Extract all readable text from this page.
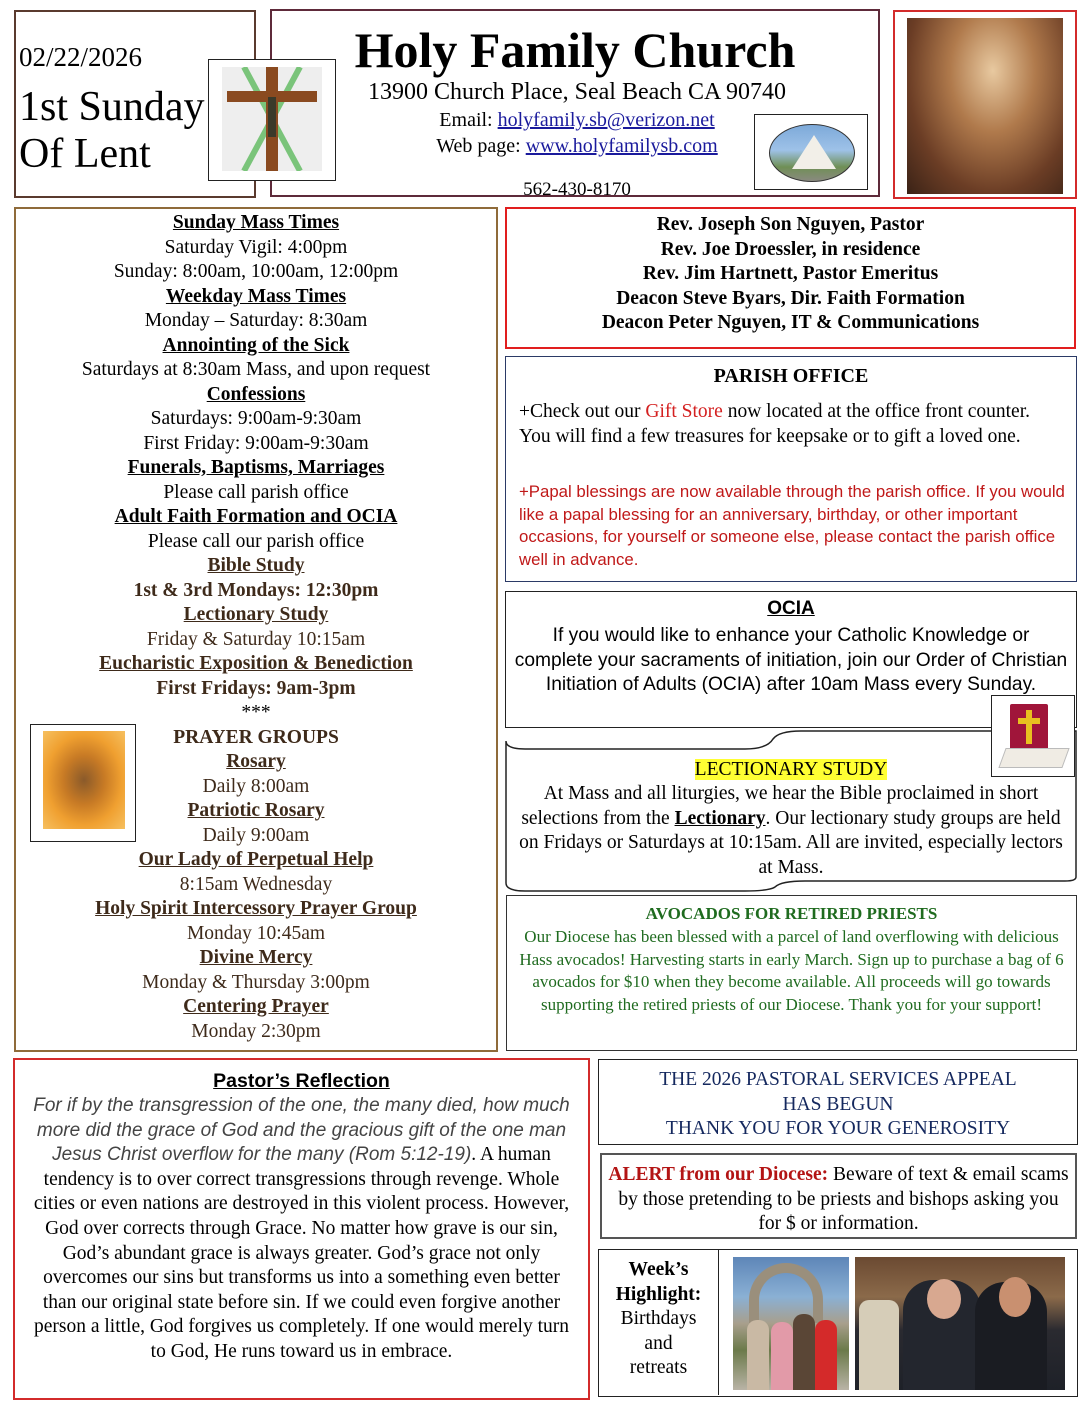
02/22/2026
1st Sunday
Of Lent
Holy Family Church
13900 Church Place, Seal Beach CA 90740
Email: holyfamily.sb@verizon.net
Web page: www.holyfamilysb.com
562-430-8170
Sunday Mass Times
Saturday Vigil: 4:00pm
Sunday: 8:00am, 10:00am, 12:00pm
Weekday Mass Times
Monday – Saturday: 8:30am
Annointing of the Sick
Saturdays at 8:30am Mass, and upon request
Confessions
Saturdays: 9:00am-9:30am
First Friday: 9:00am-9:30am
Funerals, Baptisms, Marriages
Please call parish office
Adult Faith Formation and OCIA
Please call our parish office
Bible Study
1st & 3rd Mondays: 12:30pm
Lectionary Study
Friday & Saturday 10:15am
Eucharistic Exposition & Benediction
First Fridays: 9am-3pm
***
PRAYER GROUPS
Rosary
Daily 8:00am
Patriotic Rosary
Daily 9:00am
Our Lady of Perpetual Help
8:15am Wednesday
Holy Spirit Intercessory Prayer Group
Monday 10:45am
Divine Mercy
Monday & Thursday 3:00pm
Centering Prayer
Monday 2:30pm
Rev. Joseph Son Nguyen, Pastor
Rev. Joe Droessler, in residence
Rev. Jim Hartnett, Pastor Emeritus
Deacon Steve Byars, Dir. Faith Formation
Deacon Peter Nguyen, IT & Communications
PARISH OFFICE
+Check out our Gift Store now located at the office front counter. You will find a few treasures for keepsake or to gift a loved one.
+Papal blessings are now available through the parish office. If you would like a papal blessing for an anniversary, birthday, or other important occasions, for yourself or someone else, please contact the parish office well in advance.
OCIA
If you would like to enhance your Catholic Knowledge or complete your sacraments of initiation, join our Order of Christian Initiation of Adults (OCIA) after 10am Mass every Sunday.
LECTIONARY STUDY
At Mass and all liturgies, we hear the Bible proclaimed in short selections from the Lectionary. Our lectionary study groups are held on Fridays or Saturdays at 10:15am. All are invited, especially lectors at Mass.
AVOCADOS FOR RETIRED PRIESTS
Our Diocese has been blessed with a parcel of land overflowing with delicious Hass avocados! Harvesting starts in early March. Sign up to purchase a bag of 6 avocados for $10 when they become available. All proceeds will go towards supporting the retired priests of our Diocese. Thank you for your support!
Pastor’s Reflection
For if by the transgression of the one, the many died, how much more did the grace of God and the gracious gift of the one man Jesus Christ overflow for the many (Rom 5:12-19). A human tendency is to over correct transgressions through revenge. Whole cities or even nations are destroyed in this violent process. However, God over corrects through Grace. No matter how grave is our sin, God’s abundant grace is always greater. God’s grace not only overcomes our sins but transforms us into a something even better than our original state before sin. If we could even forgive another person a little, God forgives us completely. If one would merely turn to God, He runs toward us in embrace.
THE 2026 PASTORAL SERVICES APPEAL
HAS BEGUN
THANK YOU FOR YOUR GENEROSITY
ALERT from our Diocese: Beware of text & email scams by those pretending to be priests and bishops asking you for $ or information.
Week’s
Highlight:
Birthdays
and
retreats
